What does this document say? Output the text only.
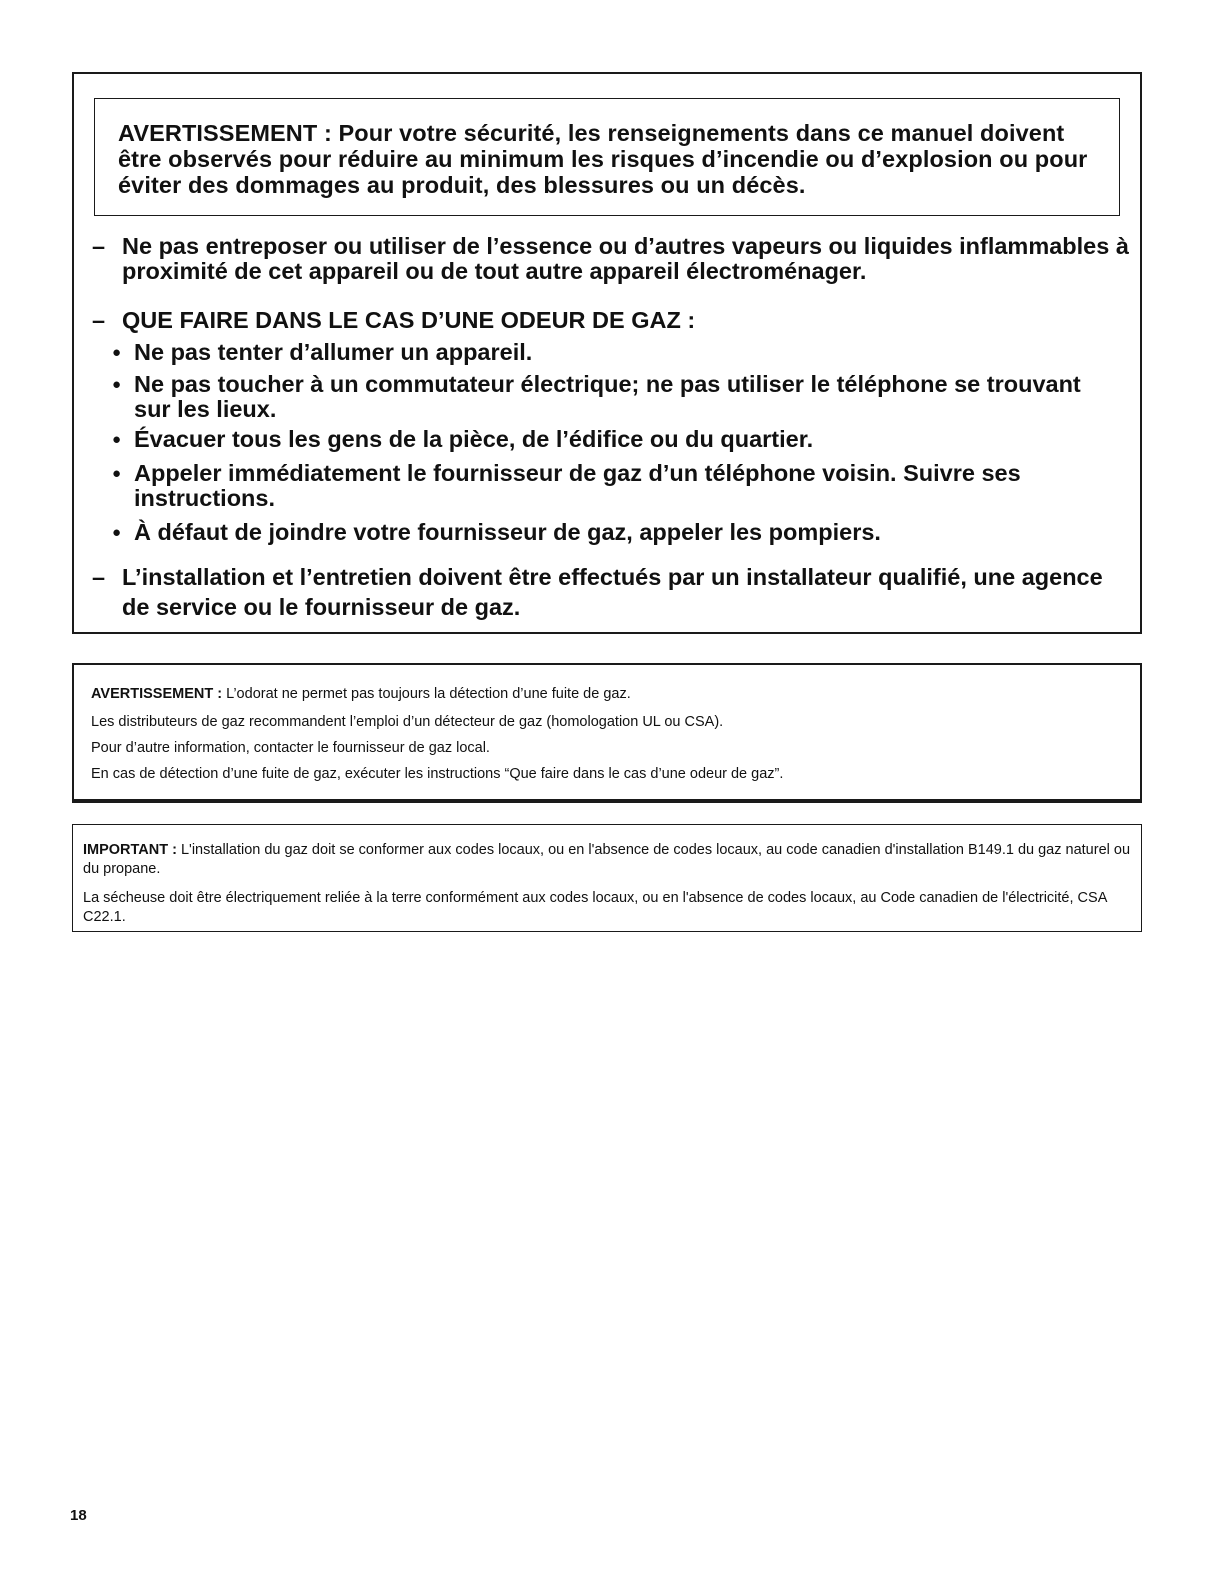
AVERTISSEMENT : Pour votre sécurité, les renseignements dans ce manuel doivent être observés pour réduire au minimum les risques d’incendie ou d’explosion ou pour éviter des dommages au produit, des blessures ou un décès.
– Ne pas entreposer ou utiliser de l’essence ou d’autres vapeurs ou liquides inflammables à proximité de cet appareil ou de tout autre appareil électroménager.
– QUE FAIRE DANS LE CAS D’UNE ODEUR DE GAZ :
● Ne pas tenter d’allumer un appareil.
● Ne pas toucher à un commutateur électrique; ne pas utiliser le téléphone se trouvant sur les lieux.
● Évacuer tous les gens de la pièce, de l’édifice ou du quartier.
● Appeler immédiatement le fournisseur de gaz d’un téléphone voisin. Suivre ses instructions.
● À défaut de joindre votre fournisseur de gaz, appeler les pompiers.
– L’installation et l’entretien doivent être effectués par un installateur qualifié, une agence de service ou le fournisseur de gaz.
AVERTISSEMENT : L’odorat ne permet pas toujours la détection d’une fuite de gaz.
Les distributeurs de gaz recommandent l’emploi d’un détecteur de gaz (homologation UL ou CSA).
Pour d’autre information, contacter le fournisseur de gaz local.
En cas de détection d’une fuite de gaz, exécuter les instructions “Que faire dans le cas d’une odeur de gaz”.
IMPORTANT : L'installation du gaz doit se conformer aux codes locaux, ou en l'absence de codes locaux, au code canadien d'installation B149.1 du gaz naturel ou du propane.
La sécheuse doit être électriquement reliée à la terre conformément aux codes locaux, ou en l'absence de codes locaux, au Code canadien de l'électricité, CSA C22.1.
18
